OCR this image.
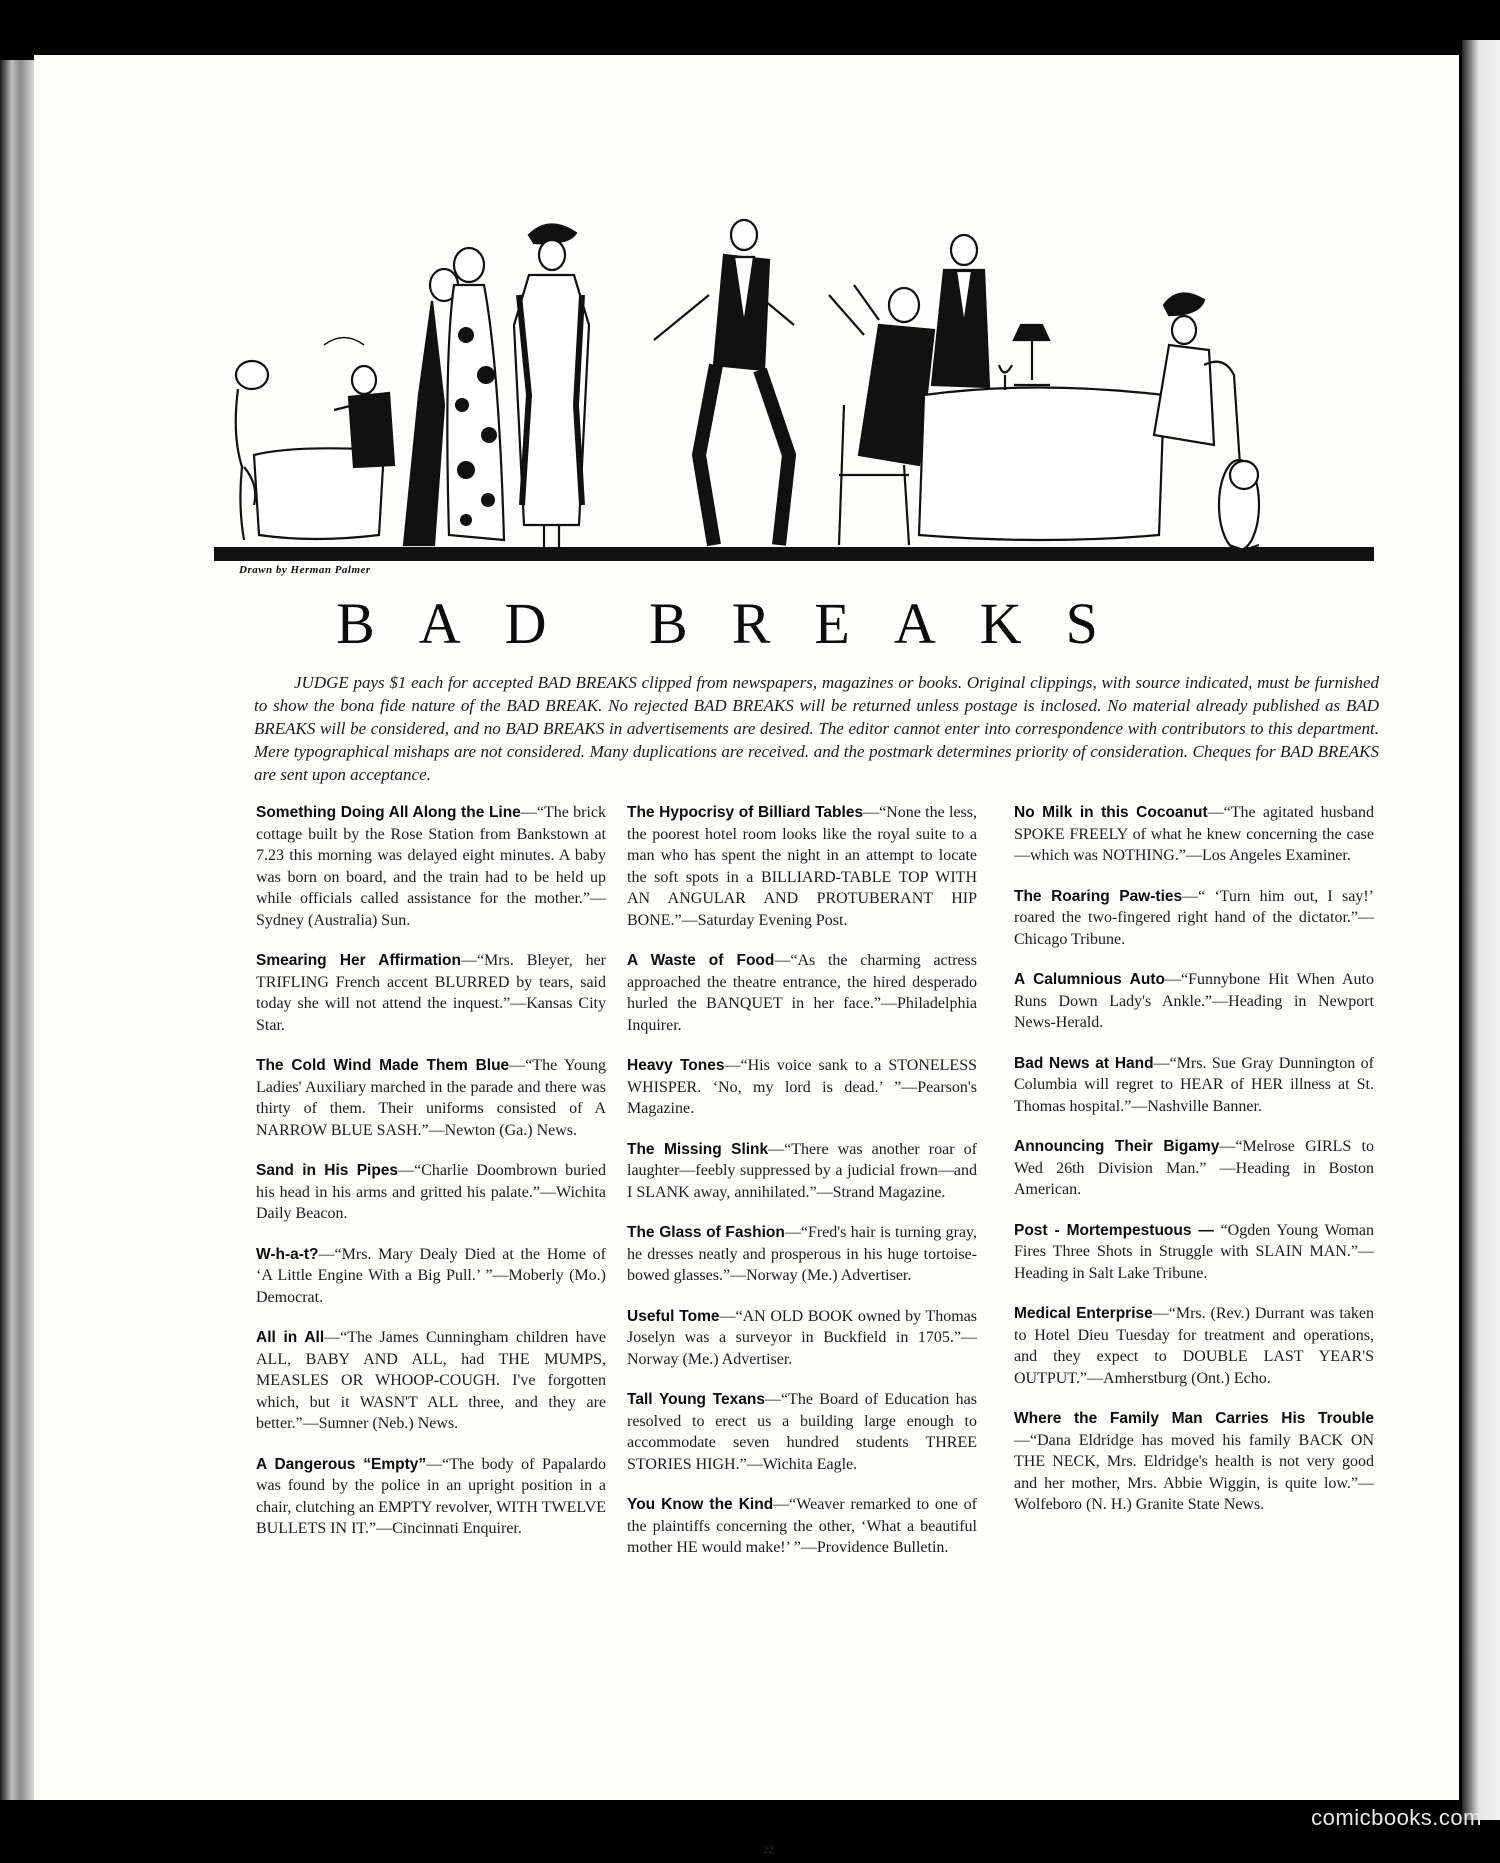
Drawn by Herman Palmer
BAD BREAKS
JUDGE pays $1 each for accepted BAD BREAKS clipped from newspapers, magazines or books. Original clippings, with source indicated, must be furnished to show the bona fide nature of the BAD BREAK. No rejected BAD BREAKS will be returned unless postage is inclosed. No material already published as BAD BREAKS will be considered, and no BAD BREAKS in advertisements are desired. The editor cannot enter into correspondence with contributors to this department. Mere typographical mishaps are not considered. Many duplications are received. and the postmark determines priority of consideration. Cheques for BAD BREAKS are sent upon acceptance.
Something Doing All Along the Line—“The brick cottage built by the Rose Station from Bankstown at 7.23 this morning was delayed eight minutes. A baby was born on board, and the train had to be held up while officials called assistance for the mother.”—Sydney (Australia) Sun.
Smearing Her Affirmation—“Mrs. Bleyer, her TRIFLING French accent BLURRED by tears, said today she will not attend the inquest.”—Kansas City Star.
The Cold Wind Made Them Blue—“The Young Ladies' Auxiliary marched in the parade and there was thirty of them. Their uniforms consisted of A NARROW BLUE SASH.”—Newton (Ga.) News.
Sand in His Pipes—“Charlie Doombrown buried his head in his arms and gritted his palate.”—Wichita Daily Beacon.
W-h-a-t?—“Mrs. Mary Dealy Died at the Home of ‘A Little Engine With a Big Pull.’ ”—Moberly (Mo.) Democrat.
All in All—“The James Cunningham children have ALL, BABY AND ALL, had THE MUMPS, MEASLES OR WHOOP-COUGH. I've forgotten which, but it WASN'T ALL three, and they are better.”—Sumner (Neb.) News.
A Dangerous “Empty”—“The body of Papalardo was found by the police in an upright position in a chair, clutching an EMPTY revolver, WITH TWELVE BULLETS IN IT.”—Cincinnati Enquirer.
The Hypocrisy of Billiard Tables—“None the less, the poorest hotel room looks like the royal suite to a man who has spent the night in an attempt to locate the soft spots in a BILLIARD-TABLE TOP WITH AN ANGULAR AND PROTUBERANT HIP BONE.”—Saturday Evening Post.
A Waste of Food—“As the charming actress approached the theatre entrance, the hired desperado hurled the BANQUET in her face.”—Philadelphia Inquirer.
Heavy Tones—“His voice sank to a STONELESS WHISPER. ‘No, my lord is dead.’ ”—Pearson's Magazine.
The Missing Slink—“There was another roar of laughter—feebly suppressed by a judicial frown—and I SLANK away, annihilated.”—Strand Magazine.
The Glass of Fashion—“Fred's hair is turning gray, he dresses neatly and prosperous in his huge tortoise-bowed glasses.”—Norway (Me.) Advertiser.
Useful Tome—“AN OLD BOOK owned by Thomas Joselyn was a surveyor in Buckfield in 1705.”—Norway (Me.) Advertiser.
Tall Young Texans—“The Board of Education has resolved to erect us a building large enough to accommodate seven hundred students THREE STORIES HIGH.”—Wichita Eagle.
You Know the Kind—“Weaver remarked to one of the plaintiffs concerning the other, ‘What a beautiful mother HE would make!’ ”—Providence Bulletin.
No Milk in this Cocoanut—“The agitated husband SPOKE FREELY of what he knew concerning the case—which was NOTHING.”—Los Angeles Examiner.
The Roaring Paw-ties—“ ‘Turn him out, I say!’ roared the two-fingered right hand of the dictator.”—Chicago Tribune.
A Calumnious Auto—“Funnybone Hit When Auto Runs Down Lady's Ankle.”—Heading in Newport News-Herald.
Bad News at Hand—“Mrs. Sue Gray Dunnington of Columbia will regret to HEAR of HER illness at St. Thomas hospital.”—Nashville Banner.
Announcing Their Bigamy—“Melrose GIRLS to Wed 26th Division Man.” —Heading in Boston American.
Post - Mortempestuous — “Ogden Young Woman Fires Three Shots in Struggle with SLAIN MAN.”—Heading in Salt Lake Tribune.
Medical Enterprise—“Mrs. (Rev.) Durrant was taken to Hotel Dieu Tuesday for treatment and operations, and they expect to DOUBLE LAST YEAR'S OUTPUT.”—Amherstburg (Ont.) Echo.
Where the Family Man Carries His Trouble—“Dana Eldridge has moved his family BACK ON THE NECK, Mrs. Eldridge's health is not very good and her mother, Mrs. Abbie Wiggin, is quite low.”—Wolfeboro (N. H.) Granite State News.
22
comicbooks.com
